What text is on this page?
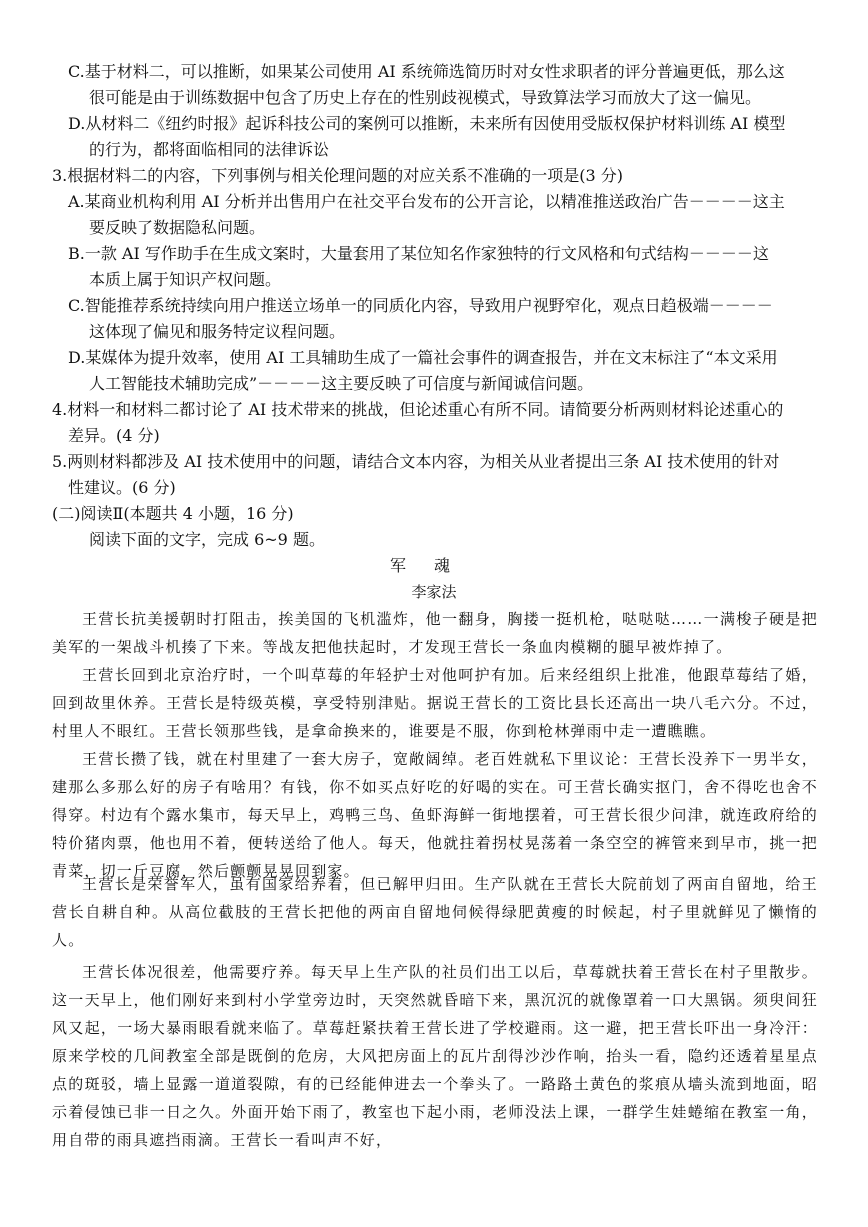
C.基于材料二，可以推断，如果某公司使用 AI 系统筛选简历时对女性求职者的评分普遍更低，那么这
很可能是由于训练数据中包含了历史上存在的性别歧视模式，导致算法学习而放大了这一偏见。
D.从材料二《纽约时报》起诉科技公司的案例可以推断，未来所有因使用受版权保护材料训练 AI 模型
的行为，都将面临相同的法律诉讼
3.根据材料二的内容，下列事例与相关伦理问题的对应关系不准确的一项是(3 分)
A.某商业机构利用 AI 分析并出售用户在社交平台发布的公开言论，以精准推送政治广告－－－－这主
要反映了数据隐私问题。
B.一款 AI 写作助手在生成文案时，大量套用了某位知名作家独特的行文风格和句式结构－－－－这
本质上属于知识产权问题。
C.智能推荐系统持续向用户推送立场单一的同质化内容，导致用户视野窄化，观点日趋极端－－－－
这体现了偏见和服务特定议程问题。
D.某媒体为提升效率，使用 AI 工具辅助生成了一篇社会事件的调查报告，并在文末标注了“本文采用
人工智能技术辅助完成”－－－－这主要反映了可信度与新闻诚信问题。
4.材料一和材料二都讨论了 AI 技术带来的挑战，但论述重心有所不同。请简要分析两则材料论述重心的
差异。(4 分)
5.两则材料都涉及 AI 技术使用中的问题，请结合文本内容，为相关从业者提出三条 AI 技术使用的针对
性建议。(6 分)
(二)阅读Ⅱ(本题共 4 小题，16 分)
阅读下面的文字，完成 6~9 题。
军魂
李家法
王营长抗美援朝时打阻击，挨美国的飞机滥炸，他一翻身，胸搂一挺机枪，哒哒哒……一满梭子硬是把美军的一架战斗机揍了下来。等战友把他扶起时，才发现王营长一条血肉模糊的腿早被炸掉了。
王营长回到北京治疗时，一个叫草莓的年轻护士对他呵护有加。后来经组织上批准，他跟草莓结了婚，回到故里休养。王营长是特级英模，享受特别津贴。据说王营长的工资比县长还高出一块八毛六分。不过，村里人不眼红。王营长领那些钱，是拿命换来的，谁要是不服，你到枪林弹雨中走一遭瞧瞧。
王营长攒了钱，就在村里建了一套大房子，宽敞阔绰。老百姓就私下里议论：王营长没养下一男半女，建那么多那么好的房子有啥用？有钱，你不如买点好吃的好喝的实在。可王营长确实抠门，舍不得吃也舍不得穿。村边有个露水集市，每天早上，鸡鸭三鸟、鱼虾海鲜一街地摆着，可王营长很少问津，就连政府给的特价猪肉票，他也用不着，便转送给了他人。每天，他就拄着拐杖晃荡着一条空空的裤管来到早市，挑一把青菜，切一斤豆腐，然后颤颤晃晃回到家。
王营长是荣誉军人，虽有国家给养着，但已解甲归田。生产队就在王营长大院前划了两亩自留地，给王营长自耕自种。从高位截肢的王营长把他的两亩自留地伺候得绿肥黄瘦的时候起，村子里就鲜见了懒惰的人。
王营长体况很差，他需要疗养。每天早上生产队的社员们出工以后，草莓就扶着王营长在村子里散步。这一天早上，他们刚好来到村小学堂旁边时，天突然就昏暗下来，黑沉沉的就像罩着一口大黑锅。须臾间狂风又起，一场大暴雨眼看就来临了。草莓赶紧扶着王营长进了学校避雨。这一避，把王营长吓出一身冷汗：原来学校的几间教室全部是既倒的危房，大风把房面上的瓦片刮得沙沙作响，抬头一看，隐约还透着星星点点的斑驳，墙上显露一道道裂隙，有的已经能伸进去一个拳头了。一路路土黄色的浆痕从墙头流到地面，昭示着侵蚀已非一日之久。外面开始下雨了，教室也下起小雨，老师没法上课，一群学生娃蜷缩在教室一角，用自带的雨具遮挡雨滴。王营长一看叫声不好，
